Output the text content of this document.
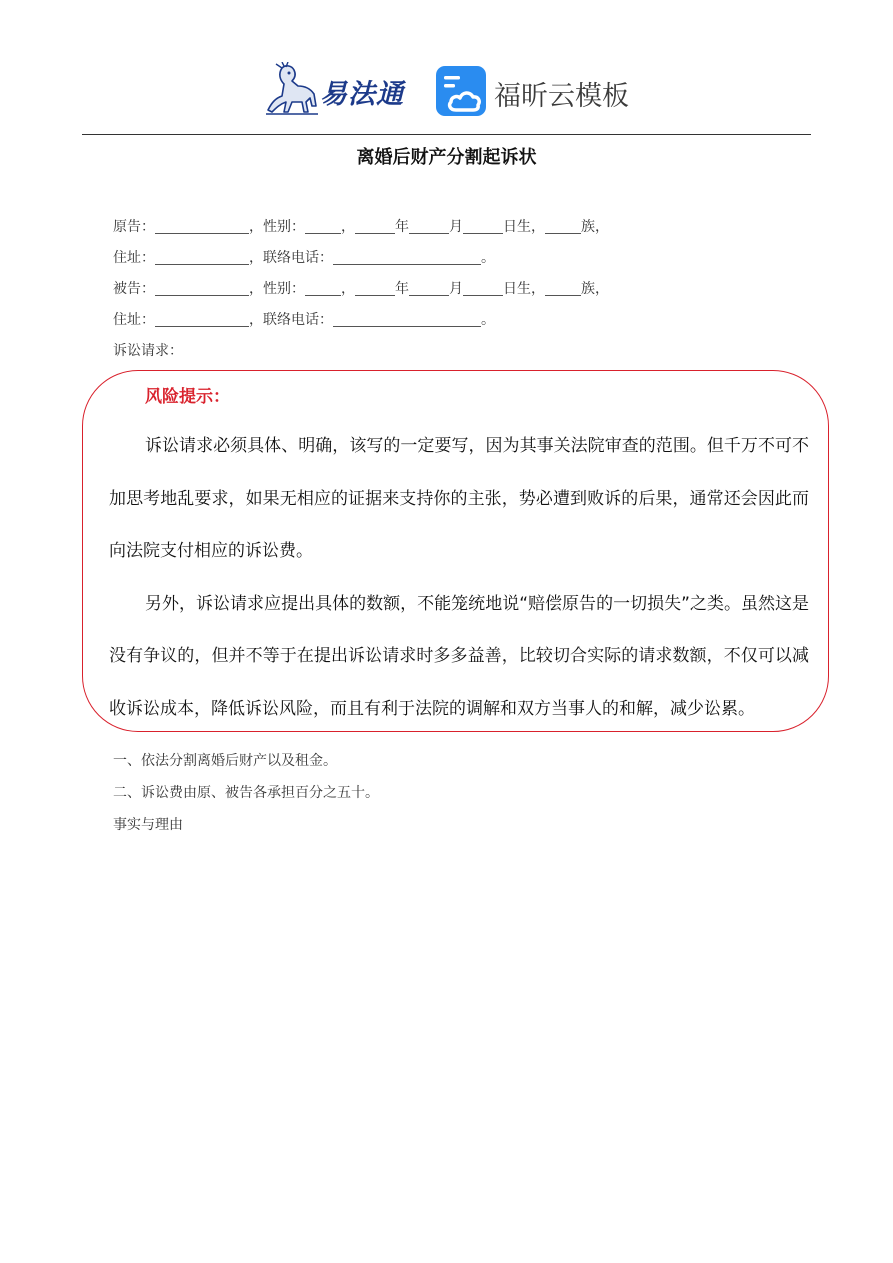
易法通	福昕云模板
离婚后财产分割起诉状
原告：	，性别：	，	年	月	日生，	族，
住址：	，联络电话：	。
被告：	，性别：	，	年	月	日生，	族，
住址：	，联络电话：	。
诉讼请求：
风险提示：

诉讼请求必须具体、明确，该写的一定要写，因为其事关法院审查的范围。但千万不可不加思考地乱要求，如果无相应的证据来支持你的主张，势必遭到败诉的后果，通常还会因此而向法院支付相应的诉讼费。

另外，诉讼请求应提出具体的数额，不能笼统地说“赔偿原告的一切损失”之类。虽然这是没有争议的，但并不等于在提出诉讼请求时多多益善，比较切合实际的请求数额，不仅可以减收诉讼成本，降低诉讼风险，而且有利于法院的调解和双方当事人的和解，减少讼累。

一、依法分割离婚后财产以及租金。
二、诉讼费由原、被告各承担百分之五十。
事实与理由
